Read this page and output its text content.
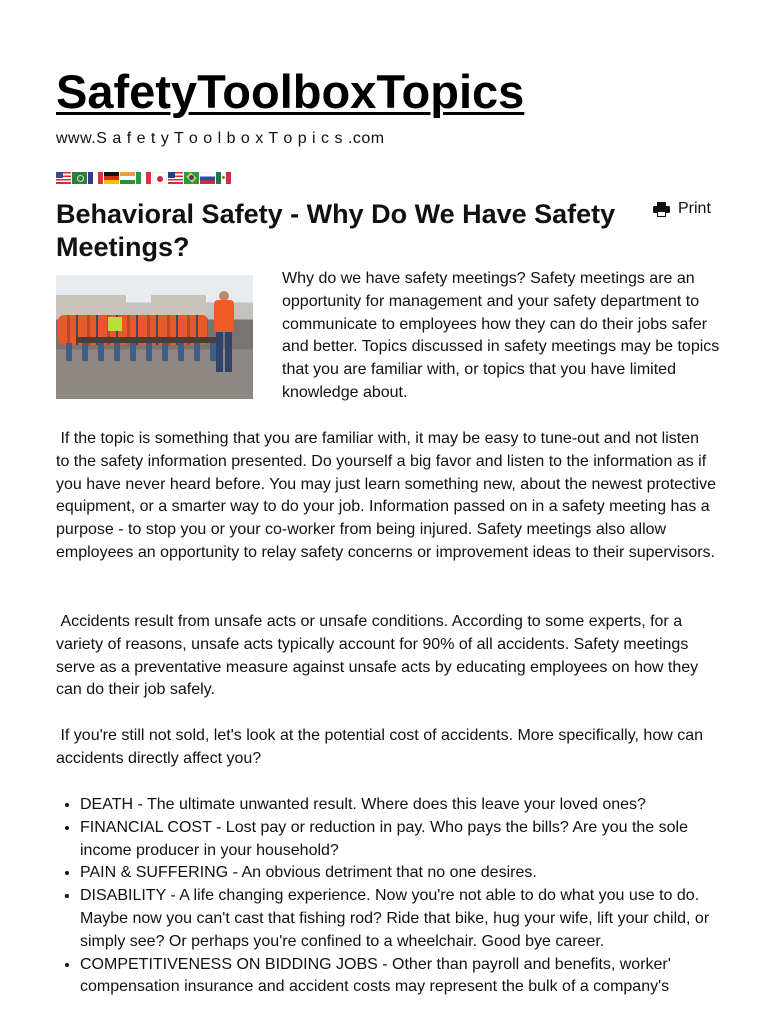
SafetyToolboxTopics
www.S a f e t y T o o l b o x T o p i c s .com
Behavioral Safety - Why Do We Have Safety Meetings?
Print

Why do we have safety meetings? Safety meetings are an opportunity for management and your safety department to communicate to employees how they can do their jobs safer and better. Topics discussed in safety meetings may be topics that you are familiar with, or topics that you have limited knowledge about.

If the topic is something that you are familiar with, it may be easy to tune-out and not listen to the safety information presented. Do yourself a big favor and listen to the information as if you have never heard before. You may just learn something new, about the newest protective equipment, or a smarter way to do your job. Information passed on in a safety meeting has a purpose - to stop you or your co-worker from being injured. Safety meetings also allow employees an opportunity to relay safety concerns or improvement ideas to their supervisors.

Accidents result from unsafe acts or unsafe conditions. According to some experts, for a variety of reasons, unsafe acts typically account for 90% of all accidents. Safety meetings serve as a preventative measure against unsafe acts by educating employees on how they can do their job safely.

If you're still not sold, let's look at the potential cost of accidents. More specifically, how can accidents directly affect you?

• DEATH - The ultimate unwanted result. Where does this leave your loved ones?
• FINANCIAL COST - Lost pay or reduction in pay. Who pays the bills? Are you the sole income producer in your household?
• PAIN & SUFFERING - An obvious detriment that no one desires.
• DISABILITY - A life changing experience. Now you're not able to do what you use to do.  Maybe now you can't cast that fishing rod? Ride that bike, hug your wife, lift your child, or simply see? Or perhaps you're confined to a wheelchair. Good bye career.
• COMPETITIVENESS ON BIDDING JOBS - Other than payroll and benefits, worker' compensation insurance and accident costs may represent the bulk of a company's
